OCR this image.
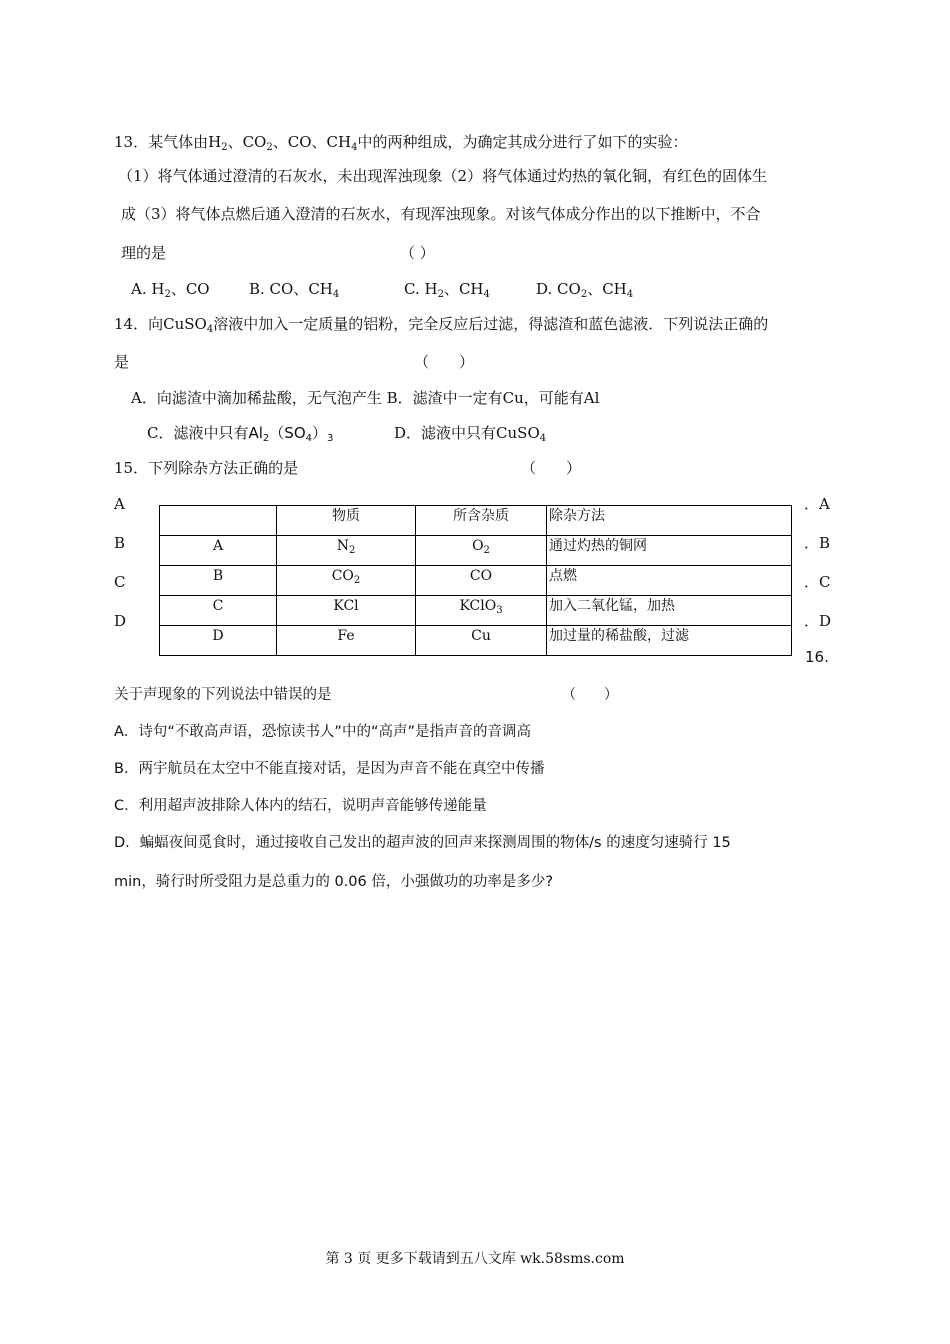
13．某气体由$H_2$、$CO_2$、CO、$CH_4$中的两种组成，为确定其成分进行了如下的实验：
（1）将气体通过澄清的石灰水，未出现浑浊现象（2）将气体通过灼热的氧化铜，有红色的固体生
成（3）将气体点燃后通入澄清的石灰水，有现浑浊现象。对该气体成分作出的以下推断中，不合
理的是	（ ）
A. $H_2$、CO	B. CO、$CH_4$	C. $H_2$、$CH_4$	D. $CO_2$、$CH_4$
14．向CuSO$_4$溶液中加入一定质量的铝粉，完全反应后过滤，得滤渣和蓝色滤液．下列说法正确的
是	（　　）
A．向滤渣中滴加稀盐酸，无气泡产生 B．滤渣中一定有Cu，可能有Al
C．滤液中只有$Al_2(SO_4)_3$	D．滤液中只有CuSO$_4$
15．下列除杂方法正确的是	（　　）
A
B
C
D
．A
．B
．C
．D
	物质	所含杂质	除杂方法
A	$N_2$	$O_2$	通过灼热的铜网
B	$CO_2$	CO	点燃
C	KCl	KClO$_3$	加入二氧化锰，加热
D	Fe	Cu	加过量的稀盐酸，过滤
16.
关于声现象的下列说法中错误的是	（　　）
A．诗句“不敢高声语，恐惊读书人”中的“高声”是指声音的音调高
B．两宇航员在太空中不能直接对话，是因为声音不能在真空中传播
C．利用超声波排除人体内的结石，说明声音能够传递能量
D．蝙蝠夜间觅食时，通过接收自己发出的超声波的回声来探测周围的物体/s 的速度匀速骑行 15
min，骑行时所受阻力是总重力的 0.06 倍，小强做功的功率是多少?
第 3 页 更多下载请到五八文库 wk.58sms.com
